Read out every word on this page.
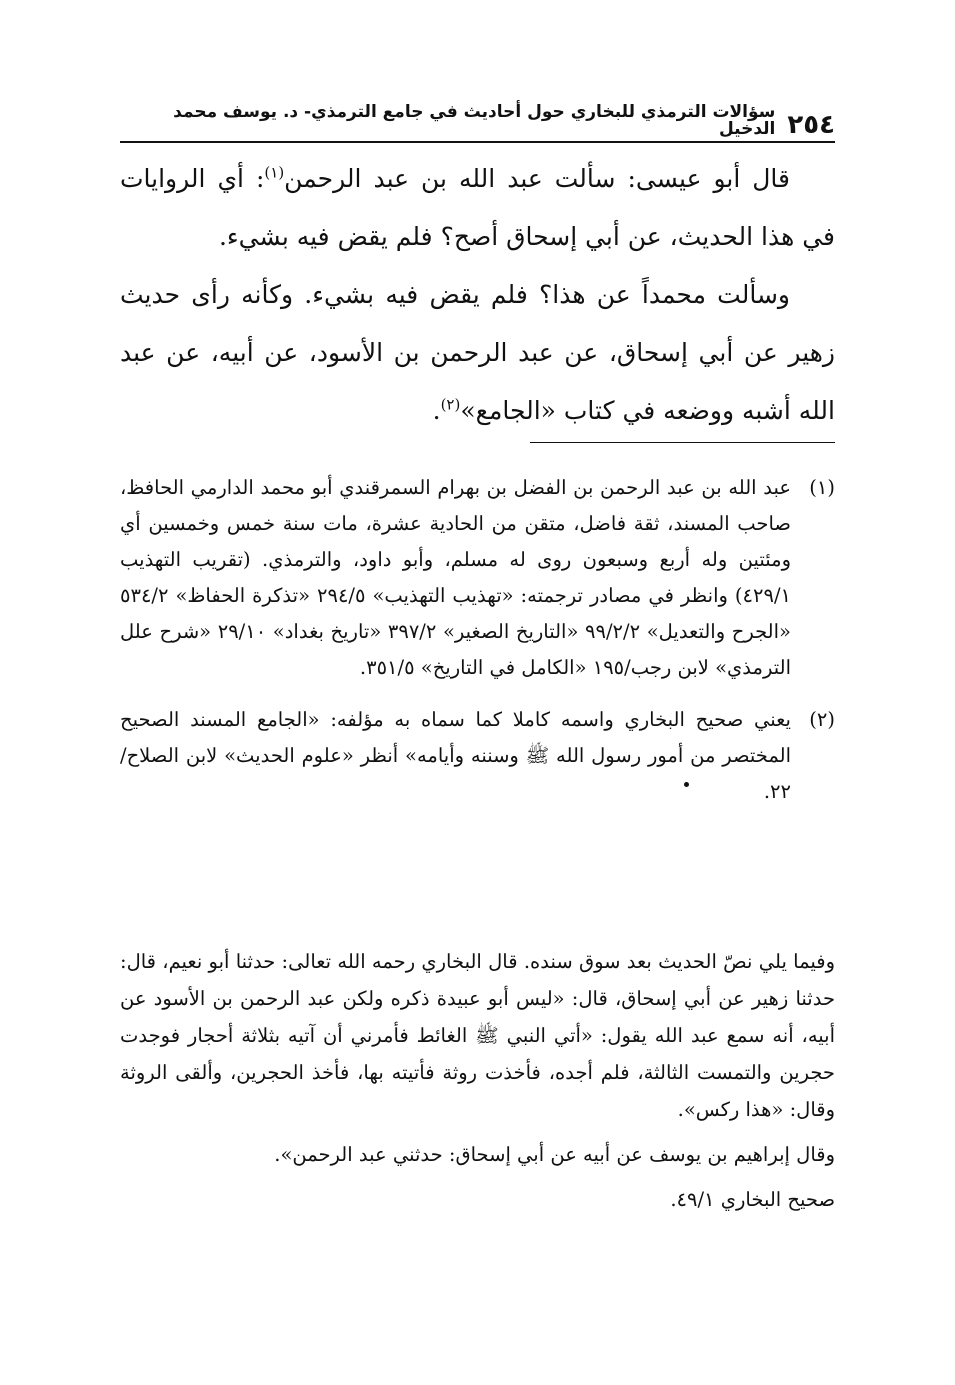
٢٥٤
سؤالات الترمذي للبخاري حول أحاديث في جامع الترمذي- د. يوسف محمد الدخيل

قال أبو عيسى: سألت عبد الله بن عبد الرحمن$^{(١)}$: أي الروايات في هذا الحديث، عن أبي إسحاق أصح؟ فلم يقض فيه بشيء.

وسألت محمداً عن هذا؟ فلم يقض فيه بشيء. وكأنه رأى حديث زهير عن أبي إسحاق، عن عبد الرحمن بن الأسود، عن أبيه، عن عبد الله أشبه ووضعه في كتاب «الجامع»$^{(٢)}$.

(١)
عبد الله بن عبد الرحمن بن الفضل بن بهرام السمرقندي أبو محمد الدارمي الحافظ، صاحب المسند، ثقة فاضل، متقن من الحادية عشرة، مات سنة خمس وخمسين أي ومئتين وله أربع وسبعون روى له مسلم، وأبو داود، والترمذي. (تقريب التهذيب ٤٢٩/١) وانظر في مصادر ترجمته: «تهذيب التهذيب» ٢٩٤/٥ «تذكرة الحفاظ» ٥٣٤/٢ «الجرح والتعديل» ٩٩/٢/٢ «التاريخ الصغير» ٣٩٧/٢ «تاريخ بغداد» ٢٩/١٠ «شرح علل الترمذي» لابن رجب/١٩٥ «الكامل في التاريخ» ٣٥١/٥.
(٢)
يعني صحيح البخاري واسمه كاملا كما سماه به مؤلفه: «الجامع المسند الصحيح المختصر من أمور رسول الله ﷺ وسننه وأيامه» أنظر «علوم الحديث» لابن الصلاح/٢٢.

وفيما يلي نصّ الحديث بعد سوق سنده. قال البخاري رحمه الله تعالى: حدثنا أبو نعيم، قال: حدثنا زهير عن أبي إسحاق، قال: «ليس أبو عبيدة ذكره ولكن عبد الرحمن بن الأسود عن أبيه، أنه سمع عبد الله يقول: «أتي النبي ﷺ الغائط فأمرني أن آتيه بثلاثة أحجار فوجدت حجرين والتمست الثالثة، فلم أجده، فأخذت روثة فأتيته بها، فأخذ الحجرين، وألقى الروثة وقال: «هذا ركس».

وقال إبراهيم بن يوسف عن أبيه عن أبي إسحاق: حدثني عبد الرحمن».

صحيح البخاري ٤٩/١.
